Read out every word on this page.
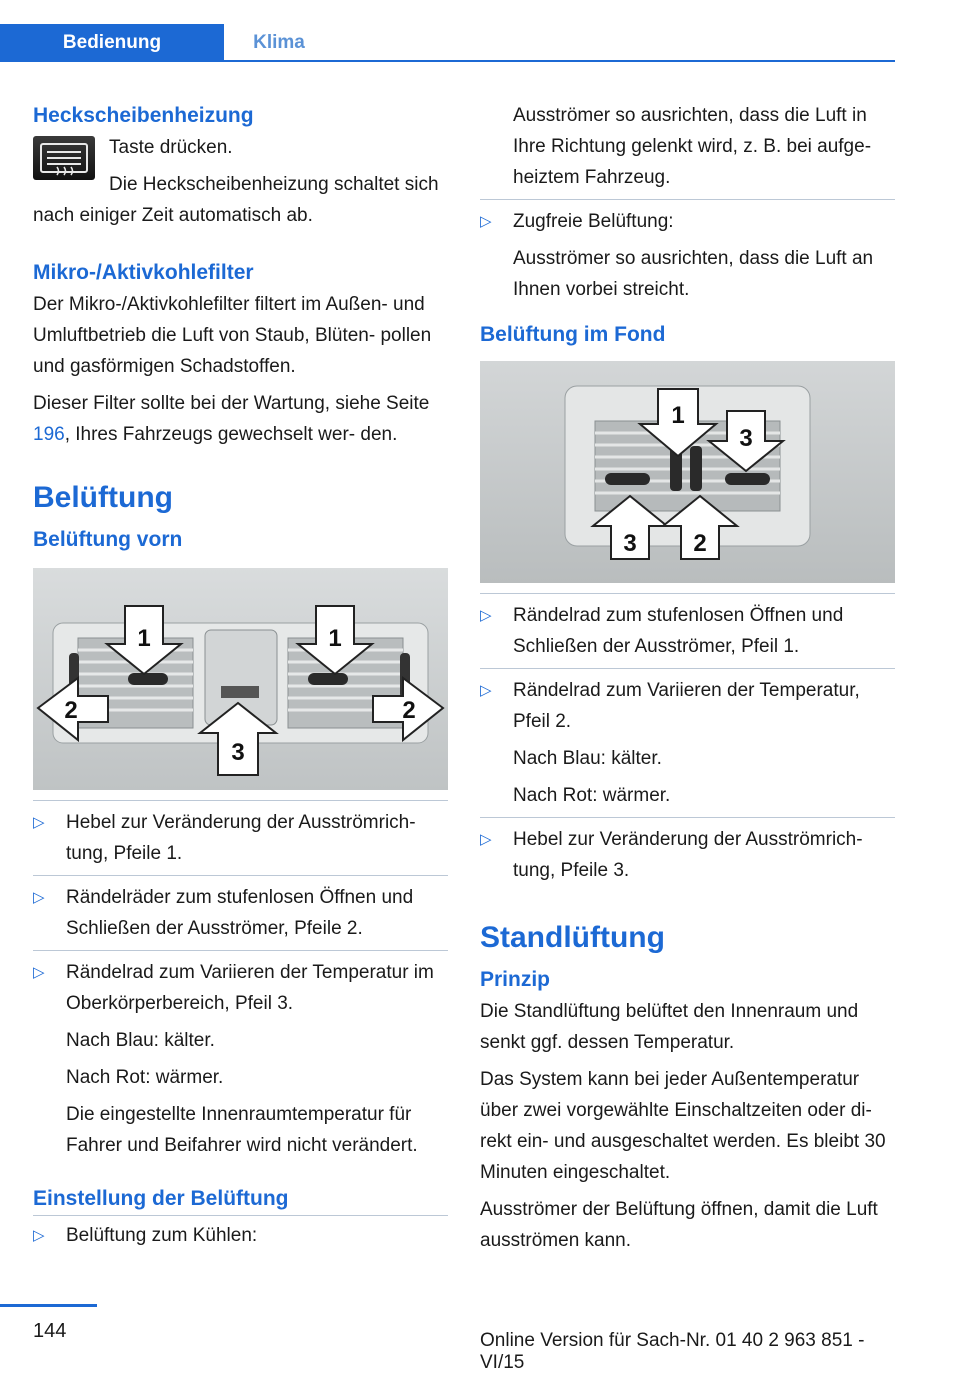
Bedienung	Klima
Heckscheibenheizung

Taste drücken.

Die Heckscheibenheizung schaltet sich nach einiger Zeit automatisch ab.

Mikro-/Aktivkohlefilter

Der Mikro-/Aktivkohlefilter filtert im Außen- und Umluftbetrieb die Luft von Staub, Blüten- pollen und gasförmigen Schadstoffen.

Dieser Filter sollte bei der Wartung, siehe Seite 196, Ihres Fahrzeugs gewechselt wer- den.

Belüftung
Belüftung vorn
1	1
2	2
3
▷	Hebel zur Veränderung der Ausströmrich- tung, Pfeile 1.
▷	Rändelräder zum stufenlosen Öffnen und Schließen der Ausströmer, Pfeile 2.
▷	Rändelrad zum Variieren der Temperatur im Oberkörperbereich, Pfeil 3.
Nach Blau: kälter.
Nach Rot: wärmer.
Die eingestellte Innenraumtemperatur für Fahrer und Beifahrer wird nicht verändert.
Einstellung der Belüftung
▷	Belüftung zum Kühlen:
Ausströmer so ausrichten, dass die Luft in Ihre Richtung gelenkt wird, z. B. bei aufge- heiztem Fahrzeug.
▷	Zugfreie Belüftung:
Ausströmer so ausrichten, dass die Luft an Ihnen vorbei streicht.
Belüftung im Fond
1
2
3
3
▷	Rändelrad zum stufenlosen Öffnen und Schließen der Ausströmer, Pfeil 1.
▷	Rändelrad zum Variieren der Temperatur, Pfeil 2.
Nach Blau: kälter.
Nach Rot: wärmer.
▷	Hebel zur Veränderung der Ausströmrich- tung, Pfeile 3.
Standlüftung
Prinzip

Die Standlüftung belüftet den Innenraum und senkt ggf. dessen Temperatur.

Das System kann bei jeder Außentemperatur über zwei vorgewählte Einschaltzeiten oder di- rekt ein- und ausgeschaltet werden. Es bleibt 30 Minuten eingeschaltet.

Ausströmer der Belüftung öffnen, damit die Luft ausströmen kann.

144	Online Version für Sach-Nr. 01 40 2 963 851 - VI/15
